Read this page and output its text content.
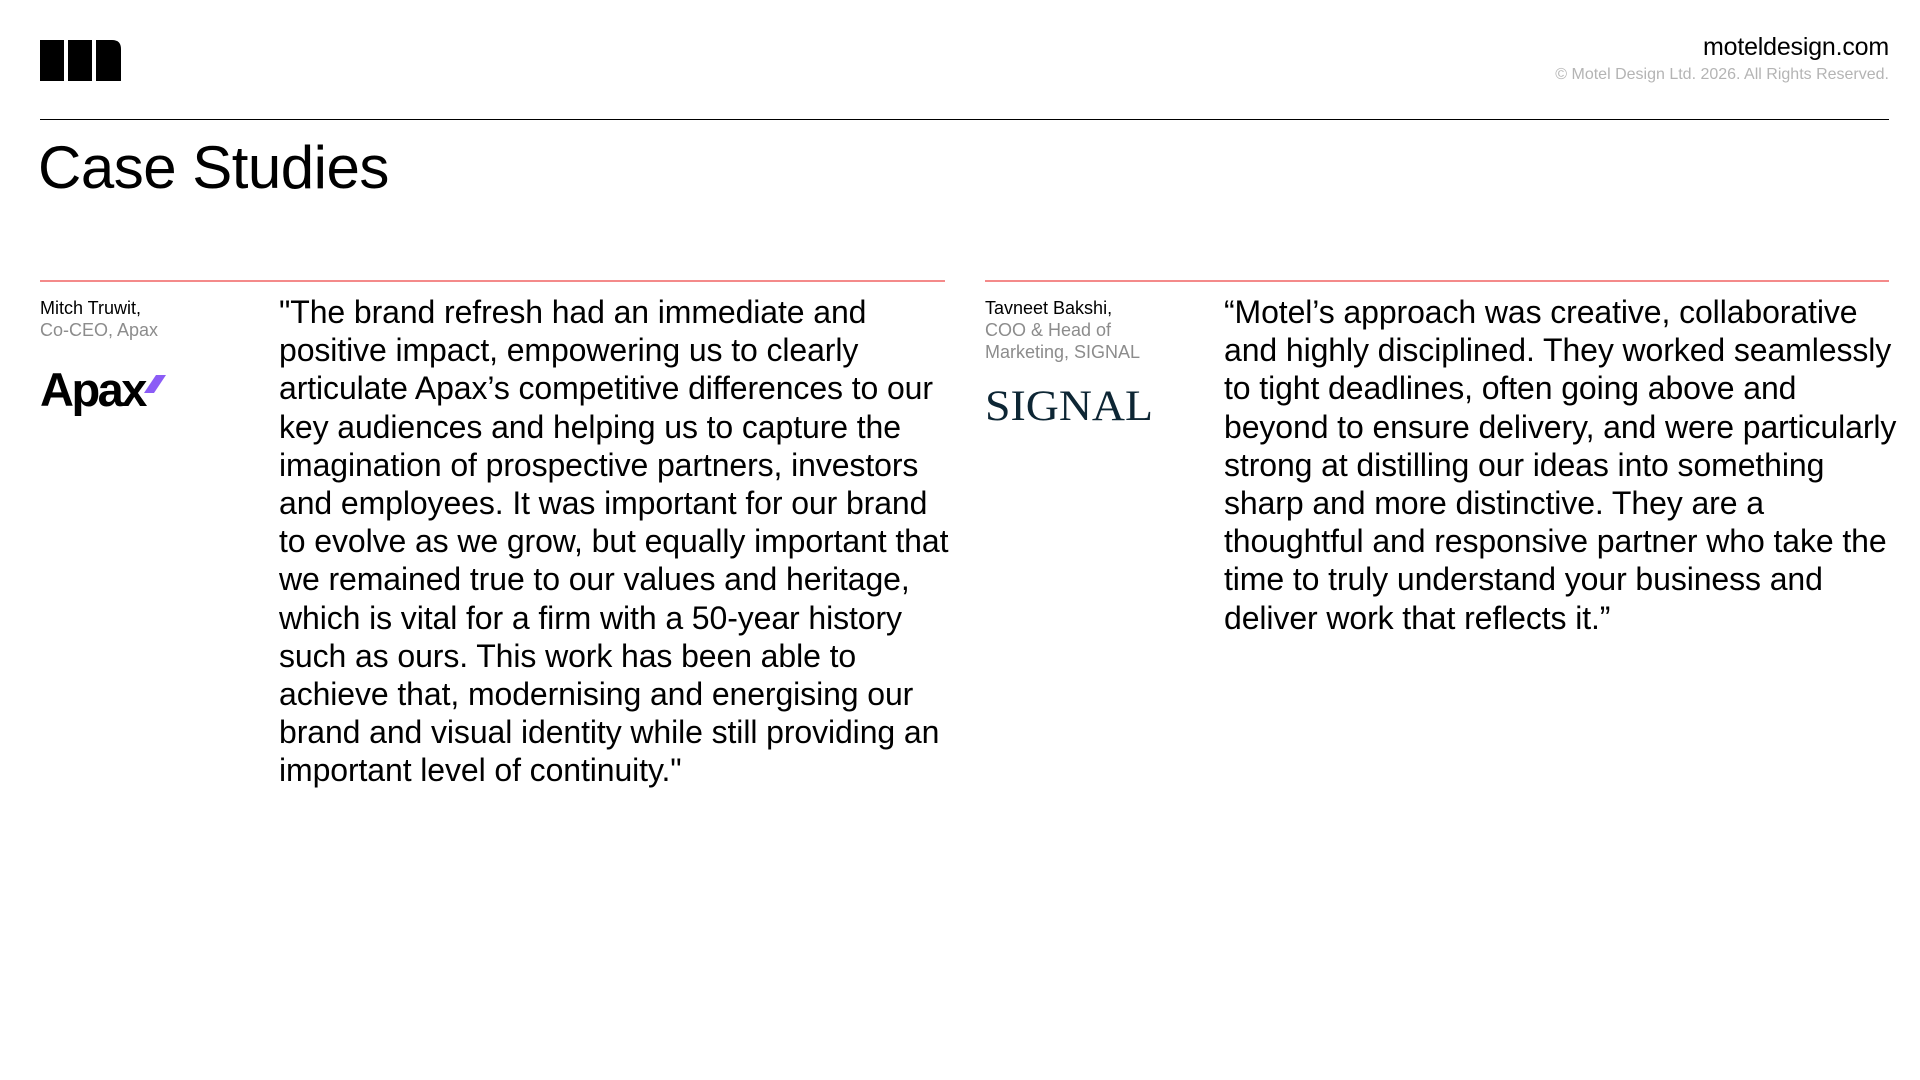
moteldesign.com
© Motel Design Ltd. 2026. All Rights Reserved.
Case Studies
Mitch Truwit,
Co-CEO, Apax
Apax

"The brand refresh had an immediate and positive impact, empowering us to clearly articulate Apax’s competitive differences to our key audiences and helping us to capture the imagination of prospective partners, investors and employees. It was important for our brand to evolve as we grow, but equally important that we remained true to our values and heritage, which is vital for a firm with a 50-year history such as ours. This work has been able to achieve that, modernising and energising our brand and visual identity while still providing an important level of continuity."

Tavneet Bakshi,
COO & Head of Marketing, SIGNAL
SIGNAL

“Motel’s approach was creative, collaborative and highly disciplined. They worked seamlessly to tight deadlines, often going above and beyond to ensure delivery, and were particularly strong at distilling our ideas into something sharp and more distinctive. They are a thoughtful and responsive partner who take the time to truly understand your business and deliver work that reflects it.”
